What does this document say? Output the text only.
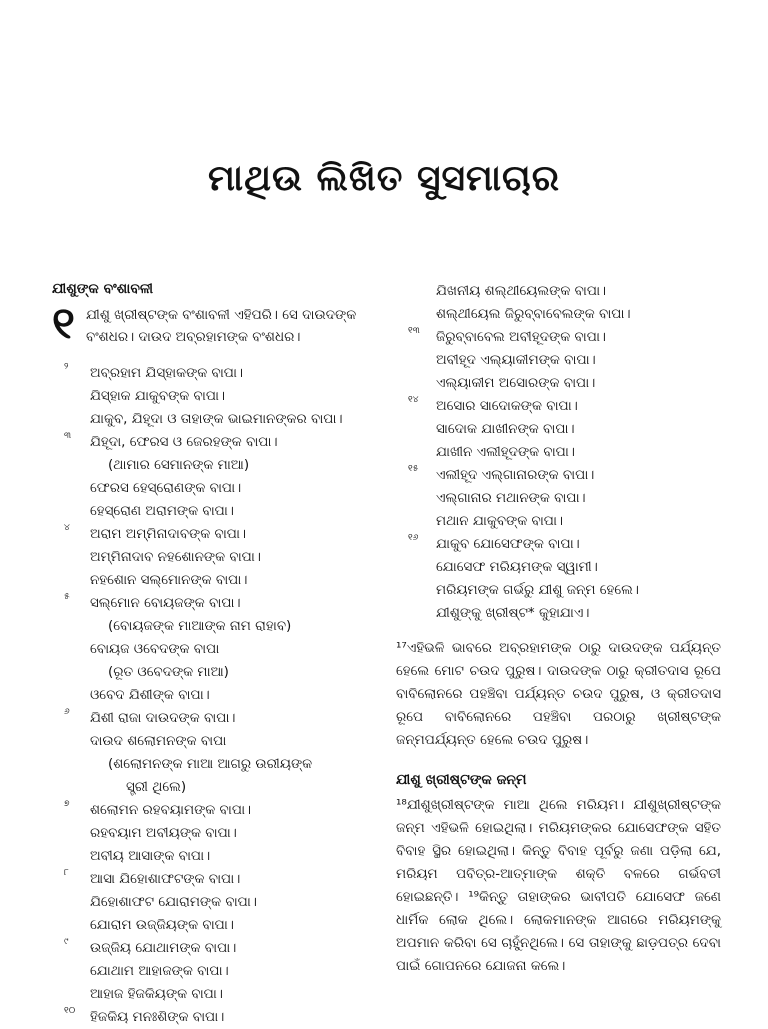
ମାଥିଉ ଲିଖିତ ସୁସମାଚାର
ଯୀଶୁଙ୍କ ବଂଶାବଳୀ
୧ ଯୀଶୁ ଖ୍ରୀଷ୍ଟଙ୍କ ବଂଶାବଳୀ ଏହିପରି। ସେ ଦାଉଦଙ୍କ ବଂଶଧର। ଦାଉଦ ଅବ୍ରହାମଙ୍କ ବଂଶଧର।
୨ ଅବ୍ରହାମ ଯିସ୍‌ହାକଙ୍କ ବାପା।
ଯିସ୍‌ହାକ ଯାକୁବଙ୍କ ବାପା।
ଯାକୁବ, ଯିହୂଦା ଓ ତାହାଙ୍କ ଭାଇମାନଙ୍କର ବାପା।
୩ ଯିହୂଦା, ଫେରସ ଓ ଜେରହଙ୍କ ବାପା।
(ଥାମାର ସେମାନଙ୍କ ମାଆ)
ଫେରସ ହେସ୍ରୋଣଙ୍କ ବାପା।
ହେସ୍ରୋଣ ଅରାମଙ୍କ ବାପା।
୪ ଅରାମ ଅମ୍ମିନାଦାବଙ୍କ ବାପା।
ଅମ୍ମିନାଦାବ ନହଶୋନଙ୍କ ବାପା।
ନହଶୋନ ସଲ୍‌ମୋନଙ୍କ ବାପା।
୫ ସଲ୍‌ମୋନ ବୋୟଜଙ୍କ ବାପା।
(ବୋୟଜଙ୍କ ମାଆଙ୍କ ନାମ ରାହାବ)
ବୋୟଜ ଓବେଦଙ୍କ ବାପା
(ରୂତ ଓବେଦଙ୍କ ମାଆ)
ଓବେଦ ଯିଶୀଙ୍କ ବାପା।
୬ ଯିଶୀ ରାଜା ଦାଉଦଙ୍କ ବାପା।
ଦାଉଦ ଶଲୋମନଙ୍କ ବାପା
(ଶଲୋମନଙ୍କ ମାଆ ଆଗରୁ ଉରୀୟଙ୍କ
ସ୍ତ୍ରୀ ଥିଲେ)
୭ ଶଲୋମନ ରହବୟାମଙ୍କ ବାପା।
ରହବୟାମ ଅବୀୟଙ୍କ ବାପା।
ଅବୀୟ ଆସାଙ୍କ ବାପା।
୮ ଆସା ଯିହୋଶାଫଟଙ୍କ ବାପା।
ଯିହୋଶାଫଟ ଯୋରାମଙ୍କ ବାପା।
ଯୋରାମ ଉଜ୍ଜିୟଙ୍କ ବାପା।
୯ ଉଜ୍ଜିୟ ଯୋଥାମଙ୍କ ବାପା।
ଯୋଥାମ ଆହାଜଙ୍କ ବାପା।
ଆହାଜ ହିଜକିୟଙ୍କ ବାପା।
୧୦ ହିଜକିୟ ମନଃଶିଙ୍କ ବାପା।
ଯିଖନୀୟ ଶଲ୍ଥୀୟେଲଙ୍କ ବାପା।
ଶଲ୍ଥୀୟେଲ ଜିରୁବ୍ବାବେଲଙ୍କ ବାପା।
୧୩ ଜିରୁବ୍ବାବେଲ ଅବୀହୂଦଙ୍କ ବାପା।
ଅବୀହୂଦ ଏଲ୍ୟାକୀମଙ୍କ ବାପା।
ଏଲ୍ୟାକୀମ ଅସୋରଙ୍କ ବାପା।
୧୪ ଅସୋର ସାଦୋକଙ୍କ ବାପା।
ସାଦୋକ ଯାଖୀନଙ୍କ ବାପା।
ଯାଖୀନ ଏଲୀହୂଦଙ୍କ ବାପା।
୧୫ ଏଲୀହୂଦ ଏଲ୍ଗାନାରଙ୍କ ବାପା।
ଏଲ୍ଗାନାର ମଥାନଙ୍କ ବାପା।
ମଥାନ ଯାକୁବଙ୍କ ବାପା।
୧୬ ଯାକୁବ ଯୋସେଫଙ୍କ ବାପା।
ଯୋସେଫ ମରିୟମଙ୍କ ସ୍ୱାମୀ।
ମରିୟମଙ୍କ ଗର୍ଭରୁ ଯୀଶୁ ଜନ୍ମ ହେଲେ।
ଯୀଶୁଙ୍କୁ ଖ୍ରୀଷ୍ଟ* କୁହାଯାଏ।
¹⁷ଏହିଭଳି ଭାବରେ ଅବ୍ରହାମଙ୍କ ଠାରୁ ଦାଉଦଙ୍କ ପର୍ଯ୍ୟନ୍ତ ହେଲେ ମୋଟ ଚଉଦ ପୁରୁଷ। ଦାଉଦଙ୍କ ଠାରୁ କ୍ରୀତଦାସ ରୂପେ ବାବିଲୋନରେ ପହଞ୍ଚିବା ପର୍ଯ୍ୟନ୍ତ ଚଉଦ ପୁରୁଷ, ଓ କ୍ରୀତଦାସ ରୂପେ ବାବିଲୋନରେ ପହଞ୍ଚିବା ପରଠାରୁ ଖ୍ରୀଷ୍ଟଙ୍କ ଜନ୍ମପର୍ଯ୍ୟନ୍ତ ହେଲେ ଚଉଦ ପୁରୁଷ।
ଯୀଶୁ ଖ୍ରୀଷ୍ଟଙ୍କ ଜନ୍ମ
¹⁸ଯୀଶୁଖ୍ରୀଷ୍ଟଙ୍କ ମାଆ ଥିଲେ ମରିୟମ। ଯୀଶୁଖ୍ରୀଷ୍ଟଙ୍କ ଜନ୍ମ ଏହିଭଳି ହୋଇଥିଲା। ମରିୟମଙ୍କର ଯୋସେଫଙ୍କ ସହିତ ବିବାହ ସ୍ଥିର ହୋଇଥିଲା। କିନ୍ତୁ ବିବାହ ପୂର୍ବରୁ ଜଣା ପଡ଼ିଲା ଯେ, ମରିୟମ ପବିତ୍ର-ଆତ୍ମାଙ୍କ ଶକ୍ତି ବଳରେ ଗର୍ଭବତୀ ହୋଇଛନ୍ତି। ¹⁹କିନ୍ତୁ ତାହାଙ୍କର ଭାବୀପତି ଯୋସେଫ ଜଣେ ଧାର୍ମିକ ଲୋକ ଥିଲେ। ଲୋକମାନଙ୍କ ଆଗରେ ମରିୟମଙ୍କୁ ଅପମାନ କରିବା ସେ ଚାହୁଁନଥିଲେ। ସେ ତାହାଙ୍କୁ ଛାଡ଼ପତ୍ର ଦେବା ପାଇଁ ଗୋପନରେ ଯୋଜନା କଲେ।
